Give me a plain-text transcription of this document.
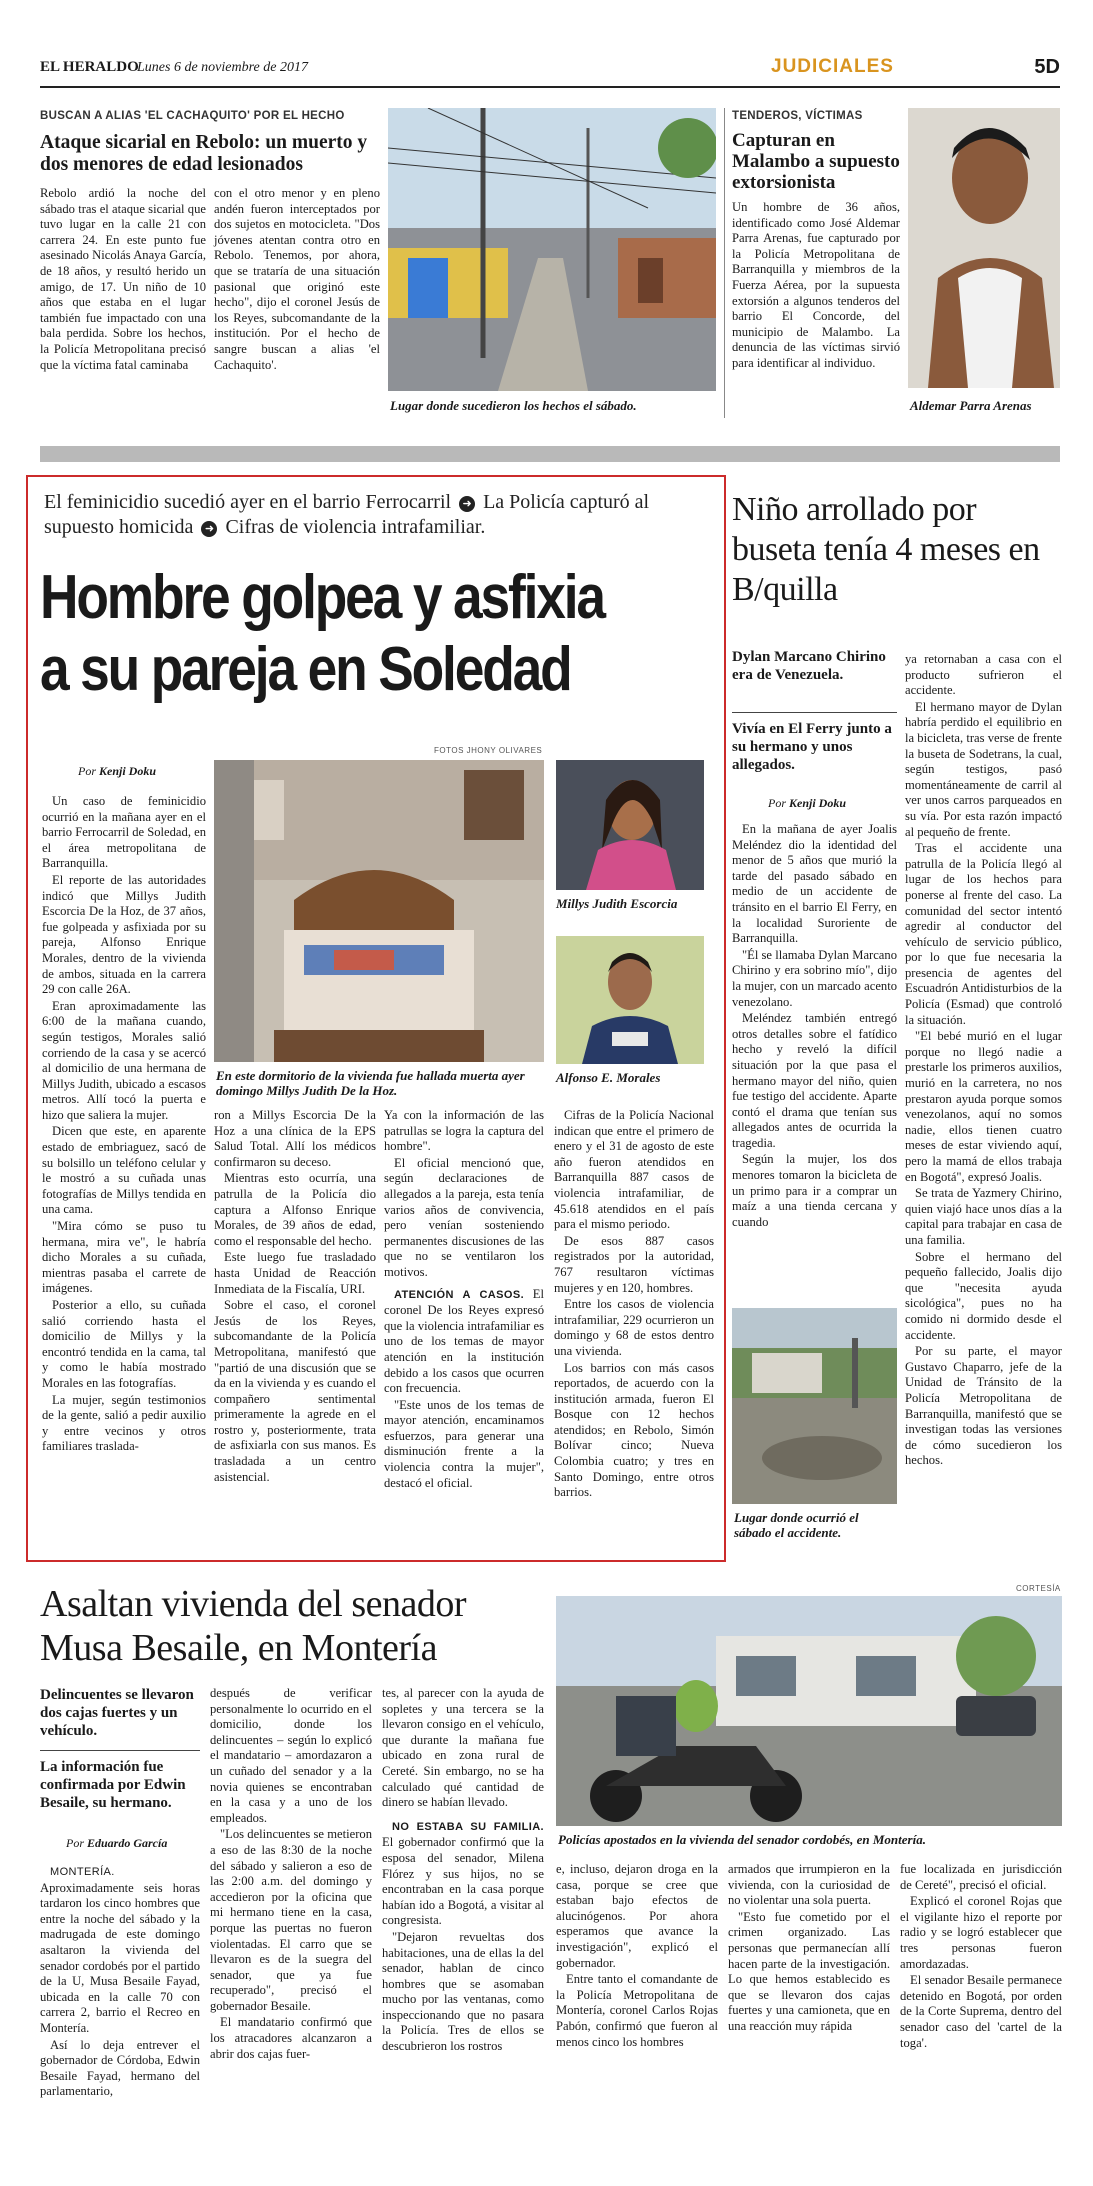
EL HERALDO
Lunes 6 de noviembre de 2017	JUDICIALES	5D
BUSCAN A ALIAS 'EL CACHAQUITO' POR EL HECHO
Ataque sicarial en Rebolo: un muerto y dos menores de edad lesionados

Rebolo ardió la noche del sábado tras el ataque sicarial que tuvo lugar en la calle 21 con carrera 24. En este punto fue asesinado Nicolás Anaya García, de 18 años, y resultó herido un amigo, de 17. Un niño de 10 años que estaba en el lugar también fue impactado con una bala perdida. Sobre los hechos, la Policía Metropolitana precisó que la víctima fatal caminaba

con el otro menor y en pleno andén fueron interceptados por dos sujetos en motocicleta. "Dos jóvenes atentan contra otro en Rebolo. Tenemos, por ahora, que se trataría de una situación pasional que originó este hecho", dijo el coronel Jesús de los Reyes, subcomandante de la institución. Por el hecho de sangre buscan a alias 'el Cachaquito'.

Lugar donde sucedieron los hechos el sábado.
TENDEROS, VÍCTIMAS
Capturan en Malambo a supuesto extorsionista

Un hombre de 36 años, identificado como José Aldemar Parra Arenas, fue capturado por la Policía Metropolitana de Barranquilla y miembros de la Fuerza Aérea, por la supuesta extorsión a algunos tenderos del barrio El Concorde, del municipio de Malambo. La denuncia de las víctimas sirvió para identificar al individuo.

Aldemar Parra Arenas
El feminicidio sucedió ayer en el barrio Ferrocarril ➜ La Policía capturó al supuesto homicida ➜ Cifras de violencia intrafamiliar.
Hombre golpea y asfixia
a su pareja en Soledad
FOTOS JHONY OLIVARES
Por Kenji Doku
En este dormitorio de la vivienda fue hallada muerta ayer domingo Millys Judith De la Hoz.
Millys Judith Escorcia
Alfonso E. Morales

Un caso de feminicidio ocurrió en la mañana ayer en el barrio Ferrocarril de Soledad, en el área metropolitana de Barranquilla.

El reporte de las autoridades indicó que Millys Judith Escorcia De la Hoz, de 37 años, fue golpeada y asfixiada por su pareja, Alfonso Enrique Morales, dentro de la vivienda de ambos, situada en la carrera 29 con calle 26A.

Eran aproximadamente las 6:00 de la mañana cuando, según testigos, Morales salió corriendo de la casa y se acercó al domicilio de una hermana de Millys Judith, ubicado a escasos metros. Allí tocó la puerta e hizo que saliera la mujer.

Dicen que este, en aparente estado de embriaguez, sacó de su bolsillo un teléfono celular y le mostró a su cuñada unas fotografías de Millys tendida en una cama.

"Mira cómo se puso tu hermana, mira ve", le habría dicho Morales a su cuñada, mientras pasaba el carrete de imágenes.

Posterior a ello, su cuñada salió corriendo hasta el domicilio de Millys y la encontró tendida en la cama, tal y como le había mostrado Morales en las fotografías.

La mujer, según testimonios de la gente, salió a pedir auxilio y entre vecinos y otros familiares traslada-

ron a Millys Escorcia De la Hoz a una clínica de la EPS Salud Total. Allí los médicos confirmaron su deceso.

Mientras esto ocurría, una patrulla de la Policía dio captura a Alfonso Enrique Morales, de 39 años de edad, como el responsable del hecho.

Este luego fue trasladado hasta Unidad de Reacción Inmediata de la Fiscalía, URI.

Sobre el caso, el coronel Jesús de los Reyes, subcomandante de la Policía Metropolitana, manifestó que "partió de una discusión que se da en la vivienda y es cuando el compañero sentimental primeramente la agrede en el rostro y, posteriormente, trata de asfixiarla con sus manos. Es trasladada a un centro asistencial.

Ya con la información de las patrullas se logra la captura del hombre".

El oficial mencionó que, según declaraciones de allegados a la pareja, esta tenía varios años de convivencia, pero venían sosteniendo permanentes discusiones de las que no se ventilaron los motivos.

ATENCIÓN A CASOS. El coronel De los Reyes expresó que la violencia intrafamiliar es uno de los temas de mayor atención en la institución debido a los casos que ocurren con frecuencia.

"Este unos de los temas de mayor atención, encaminamos esfuerzos, para generar una disminución frente a la violencia contra la mujer", destacó el oficial.

Cifras de la Policía Nacional indican que entre el primero de enero y el 31 de agosto de este año fueron atendidos en Barranquilla 887 casos de violencia intrafamiliar, de 45.618 atendidos en el país para el mismo periodo.

De esos 887 casos registrados por la autoridad, 767 resultaron víctimas mujeres y en 120, hombres.

Entre los casos de violencia intrafamiliar, 229 ocurrieron un domingo y 68 de estos dentro una vivienda.

Los barrios con más casos reportados, de acuerdo con la institución armada, fueron El Bosque con 12 hechos atendidos; en Rebolo, Simón Bolívar cinco; Nueva Colombia cuatro; y tres en Santo Domingo, entre otros barrios.

Niño arrollado por buseta tenía 4 meses en B/quilla
Dylan Marcano Chirino era de Venezuela.
Vivía en El Ferry junto a su hermano y unos allegados.
Por Kenji Doku

En la mañana de ayer Joalis Meléndez dio la identidad del menor de 5 años que murió la tarde del pasado sábado en medio de un accidente de tránsito en el barrio El Ferry, en la localidad Suroriente de Barranquilla.

"Él se llamaba Dylan Marcano Chirino y era sobrino mío", dijo la mujer, con un marcado acento venezolano.

Meléndez también entregó otros detalles sobre el fatídico hecho y reveló la difícil situación por la que pasa el hermano mayor del niño, quien fue testigo del accidente. Aparte contó el drama que tenían sus allegados antes de ocurrida la tragedia.

Según la mujer, los dos menores tomaron la bicicleta de un primo para ir a comprar un maíz a una tienda cercana y cuando

Lugar donde ocurrió el sábado el accidente.

ya retornaban a casa con el producto sufrieron el accidente.

El hermano mayor de Dylan habría perdido el equilibrio en la bicicleta, tras verse de frente la buseta de Sodetrans, la cual, según testigos, pasó momentáneamente de carril al ver unos carros parqueados en su vía. Por esta razón impactó al pequeño de frente.

Tras el accidente una patrulla de la Policía llegó al lugar de los hechos para ponerse al frente del caso. La comunidad del sector intentó agredir al conductor del vehículo de servicio público, por lo que fue necesaria la presencia de agentes del Escuadrón Antidisturbios de la Policía (Esmad) que controló la situación.

"El bebé murió en el lugar porque no llegó nadie a prestarle los primeros auxilios, murió en la carretera, no nos prestaron ayuda porque somos venezolanos, aquí no somos nadie, ellos tienen cuatro meses de estar viviendo aquí, pero la mamá de ellos trabaja en Bogotá", expresó Joalis.

Se trata de Yazmery Chirino, quien viajó hace unos días a la capital para trabajar en casa de una familia.

Sobre el hermano del pequeño fallecido, Joalis dijo que "necesita ayuda sicológica", pues no ha comido ni dormido desde el accidente.

Por su parte, el mayor Gustavo Chaparro, jefe de la Unidad de Tránsito de la Policía Metropolitana de Barranquilla, manifestó que se investigan todas las versiones de cómo sucedieron los hechos.

Asaltan vivienda del senador
Musa Besaile, en Montería
Delincuentes se llevaron dos cajas fuertes y un vehículo.
La información fue confirmada por Edwin Besaile, su hermano.
Por Eduardo García

MONTERÍA. Aproximadamente seis horas tardaron los cinco hombres que entre la noche del sábado y la madrugada de este domingo asaltaron la vivienda del senador cordobés por el partido de la U, Musa Besaile Fayad, ubicada en la calle 70 con carrera 2, barrio el Recreo en Montería.

Así lo deja entrever el gobernador de Córdoba, Edwin Besaile Fayad, hermano del parlamentario,

después de verificar personalmente lo ocurrido en el domicilio, donde los delincuentes – según lo explicó el mandatario – amordazaron a un cuñado del senador y a la novia quienes se encontraban en la casa y a uno de los empleados.

"Los delincuentes se metieron a eso de las 8:30 de la noche del sábado y salieron a eso de las 2:00 a.m. del domingo y accedieron por la oficina que mi hermano tiene en la casa, porque las puertas no fueron violentadas. El carro que se llevaron es de la suegra del senador, que ya fue recuperado", precisó el gobernador Besaile.

El mandatario confirmó que los atracadores alcanzaron a abrir dos cajas fuer-

tes, al parecer con la ayuda de sopletes y una tercera se la llevaron consigo en el vehículo, que durante la mañana fue ubicado en zona rural de Cereté. Sin embargo, no se ha calculado qué cantidad de dinero se habían llevado.

NO ESTABA SU FAMILIA. El gobernador confirmó que la esposa del senador, Milena Flórez y sus hijos, no se encontraban en la casa porque habían ido a Bogotá, a visitar al congresista.

"Dejaron revueltas dos habitaciones, una de ellas la del senador, hablan de cinco hombres que se asomaban mucho por las ventanas, como inspeccionando que no pasara la Policía. Tres de ellos se descubrieron los rostros

CORTESÍA
Policías apostados en la vivienda del senador cordobés, en Montería.

e, incluso, dejaron droga en la casa, porque se cree que estaban bajo efectos de alucinógenos. Por ahora esperamos que avance la investigación", explicó el gobernador.

Entre tanto el comandante de la Policía Metropolitana de Montería, coronel Carlos Rojas Pabón, confirmó que fueron al menos cinco los hombres

armados que irrumpieron en la vivienda, con la curiosidad de no violentar una sola puerta.

"Esto fue cometido por el crimen organizado. Las personas que permanecían allí hacen parte de la investigación. Lo que hemos establecido es que se llevaron dos cajas fuertes y una camioneta, que en una reacción muy rápida

fue localizada en jurisdicción de Cereté", precisó el oficial.

Explicó el coronel Rojas que el vigilante hizo el reporte por radio y se logró establecer que tres personas fueron amordazadas.

El senador Besaile permanece detenido en Bogotá, por orden de la Corte Suprema, dentro del senador caso del 'cartel de la toga'.
